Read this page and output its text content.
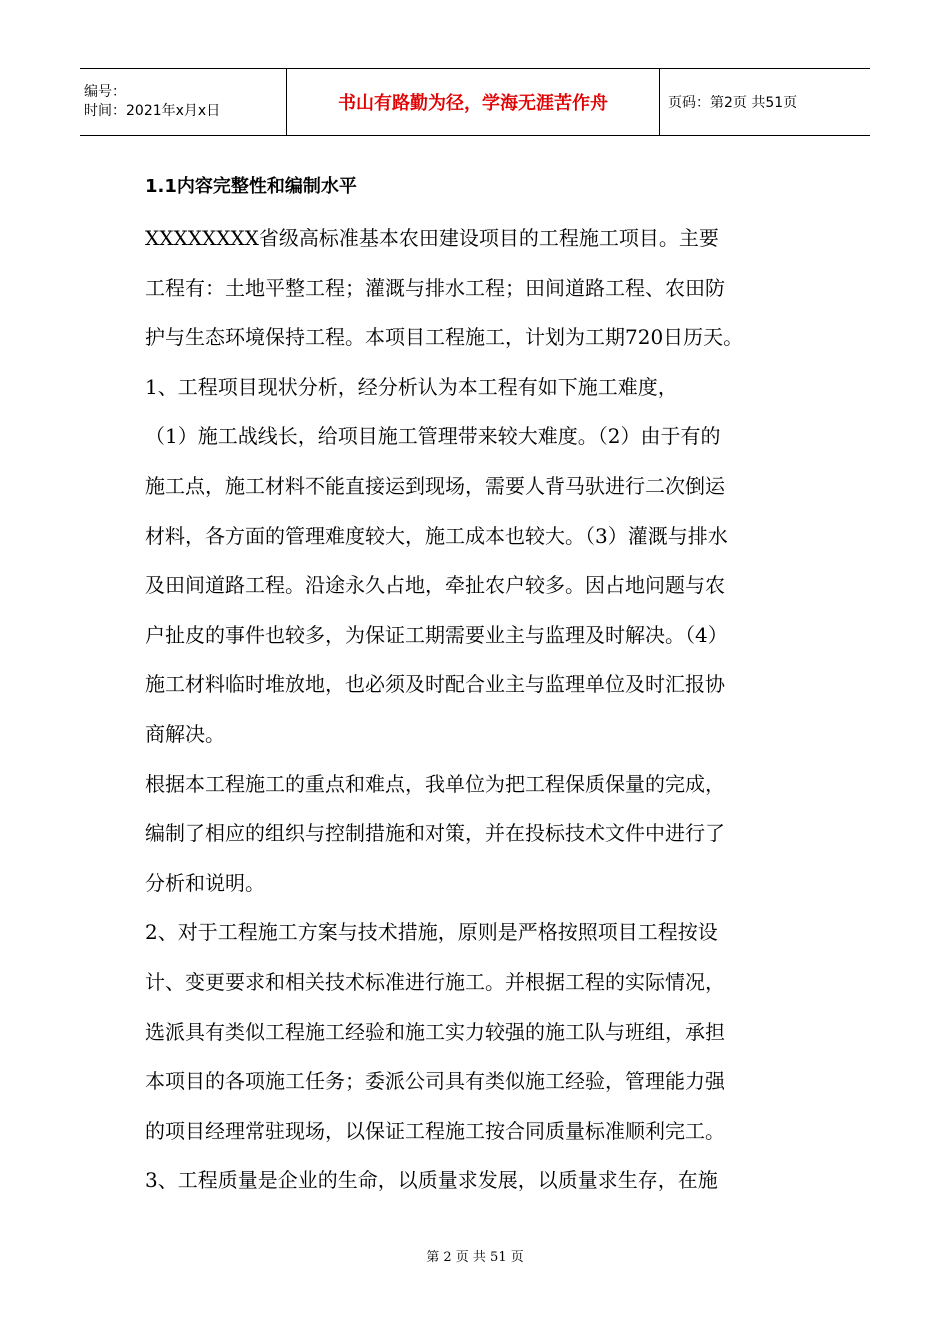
编号：
时间：2021年x月x日	书山有路勤为径，学海无涯苦作舟	页码：第2页 共51页
1.1内容完整性和编制水平
XXXXXXXX省级高标准基本农田建设项目的工程施工项目。主要
工程有：土地平整工程；灌溉与排水工程；田间道路工程、农田防
护与生态环境保持工程。本项目工程施工，计划为工期720日历天。
1、工程项目现状分析，经分析认为本工程有如下施工难度，
（1）施工战线长，给项目施工管理带来较大难度。（2）由于有的
施工点，施工材料不能直接运到现场，需要人背马驮进行二次倒运
材料，各方面的管理难度较大，施工成本也较大。（3）灌溉与排水
及田间道路工程。沿途永久占地，牵扯农户较多。因占地问题与农
户扯皮的事件也较多，为保证工期需要业主与监理及时解决。（4）
施工材料临时堆放地，也必须及时配合业主与监理单位及时汇报协
商解决。
根据本工程施工的重点和难点，我单位为把工程保质保量的完成，
编制了相应的组织与控制措施和对策，并在投标技术文件中进行了
分析和说明。
2、对于工程施工方案与技术措施，原则是严格按照项目工程按设
计、变更要求和相关技术标准进行施工。并根据工程的实际情况，
选派具有类似工程施工经验和施工实力较强的施工队与班组，承担
本项目的各项施工任务；委派公司具有类似施工经验，管理能力强
的项目经理常驻现场，以保证工程施工按合同质量标准顺利完工。
3、工程质量是企业的生命，以质量求发展，以质量求生存，在施
第 2 页 共 51 页
